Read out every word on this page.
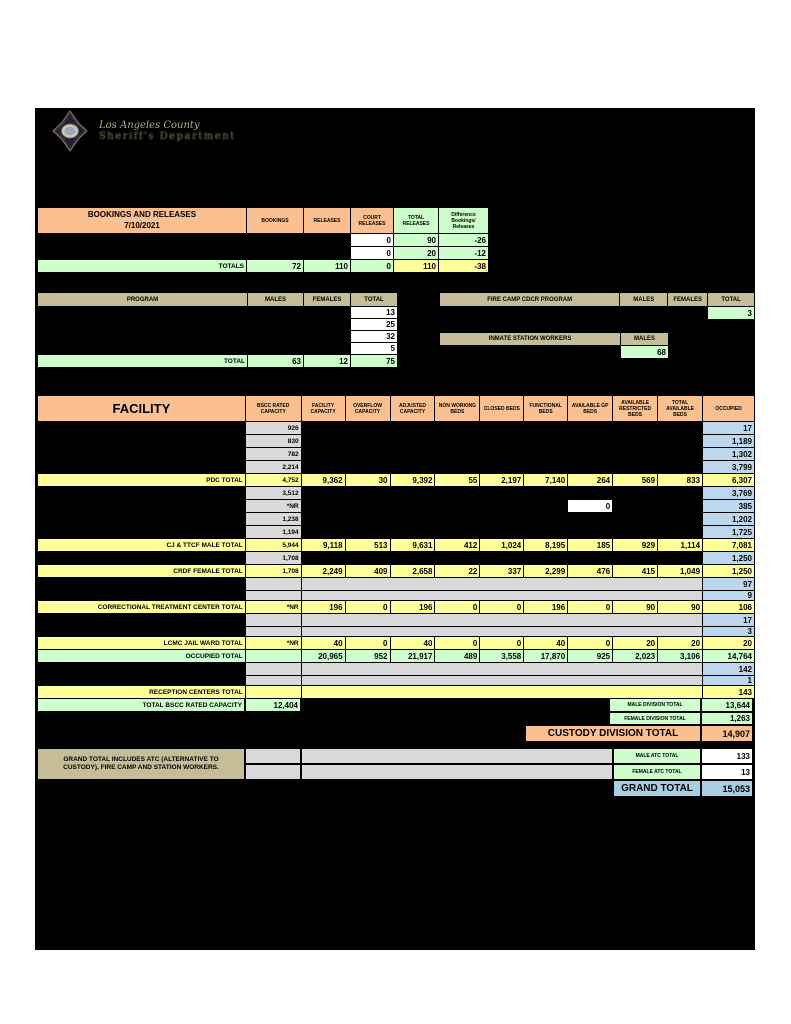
Los Angeles County
Sheriff's Department
BOOKINGS AND RELEASES
7/10/2021	BOOKINGS	RELEASES	COURT RELEASES	TOTAL RELEASES	Difference Bookings/ Releases
			0	90	-26
			0	20	-12
TOTALS	72	110	0	110	-38
PROGRAM	MALES	FEMALES	TOTAL
			13
			25
			32
			5
TOTAL	63	12	75
FIRE CAMP CDCR PROGRAM	MALES	FEMALES	TOTAL
			3
INMATE STATION WORKERS	MALES
	68
FACILITY	BSCC RATED CAPACITY	FACILITY CAPACITY	OVERFLOW CAPACITY	ADJUSTED CAPACITY	NON WORKING BEDS	CLOSED BEDS	FUNCTIONAL BEDS	AVAILABLE GP BEDS	AVAILABLE RESTRICTED BEDS	TOTAL AVAILABLE BEDS	OCCUPIED
	926										17
	830										1,189
	782										1,302
	2,214										3,799
PDC TOTAL	4,752	9,362	30	9,392	55	2,197	7,140	264	569	833	6,307
	3,512										3,769
	*NR							0			385
	1,238										1,202
	1,194										1,725
CJ & TTCF MALE TOTAL	5,944	9,118	513	9,631	412	1,024	8,195	185	929	1,114	7,081
	1,708										1,250
CRDF FEMALE TOTAL	1,708	2,249	409	2,658	22	337	2,299	476	415	1,049	1,250
											97
											9
CORRECTIONAL TREATMENT CENTER TOTAL	*NR	196	0	196	0	0	196	0	90	90	106
											17
											3
LCMC JAIL WARD TOTAL	*NR	40	0	40	0	0	40	0	20	20	20
OCCUPIED TOTAL		20,965	952	21,917	489	3,558	17,870	925	2,023	3,106	14,764
											142
											1
RECEPTION CENTERS TOTAL											143
TOTAL BSCC RATED CAPACITY	12,404	MALE DIVISION TOTAL	13,644
FEMALE DIVISION TOTAL	1,263
CUSTODY DIVISION TOTAL	14,907
MALE ATC TOTAL	133
FEMALE ATC TOTAL	13
GRAND TOTAL	15,053
GRAND TOTAL INCLUDES ATC (ALTERNATIVE TO
CUSTODY), FIRE CAMP AND STATION WORKERS.
